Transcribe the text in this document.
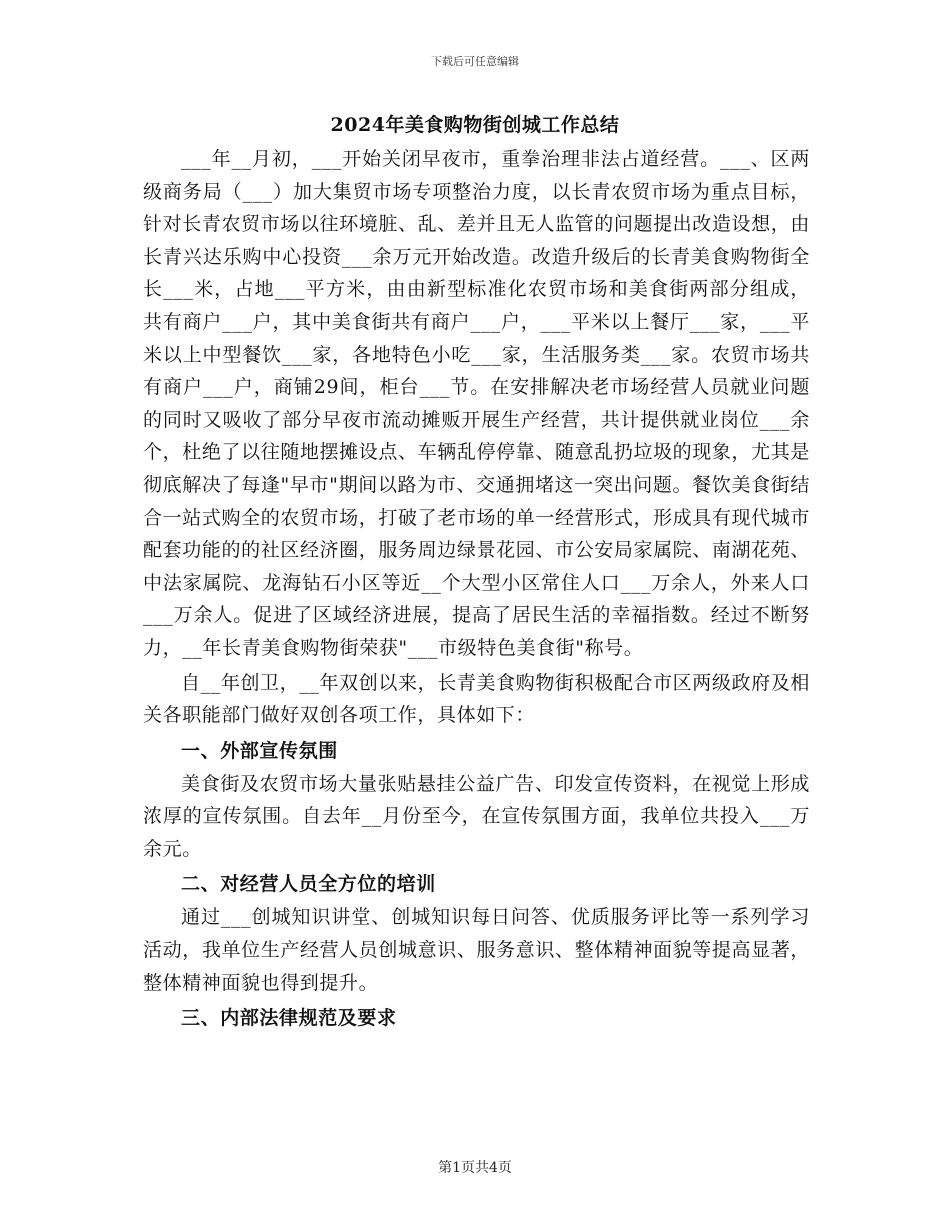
下载后可任意编辑
2024年美食购物街创城工作总结

___年__月初，___开始关闭早夜市，重拳治理非法占道经营。___、区两级商务局（___）加大集贸市场专项整治力度，以长青农贸市场为重点目标，针对长青农贸市场以往环境脏、乱、差并且无人监管的问题提出改造设想，由长青兴达乐购中心投资___余万元开始改造。改造升级后的长青美食购物街全长___米，占地___平方米，由由新型标准化农贸市场和美食街两部分组成，共有商户___户，其中美食街共有商户___户，___平米以上餐厅___家，___平米以上中型餐饮___家，各地特色小吃___家，生活服务类___家。农贸市场共有商户___户，商铺29间，柜台___节。在安排解决老市场经营人员就业问题的同时又吸收了部分早夜市流动摊贩开展生产经营，共计提供就业岗位___余个，杜绝了以往随地摆摊设点、车辆乱停停靠、随意乱扔垃圾的现象，尤其是彻底解决了每逢"早市"期间以路为市、交通拥堵这一突出问题。餐饮美食街结合一站式购全的农贸市场，打破了老市场的单一经营形式，形成具有现代城市配套功能的的社区经济圈，服务周边绿景花园、市公安局家属院、南湖花苑、中法家属院、龙海钻石小区等近__个大型小区常住人口___万余人，外来人口___万余人。促进了区域经济进展，提高了居民生活的幸福指数。经过不断努力，__年长青美食购物街荣获"___市级特色美食街"称号。

自__年创卫，__年双创以来，长青美食购物街积极配合市区两级政府及相关各职能部门做好双创各项工作，具体如下：

一、外部宣传氛围

美食街及农贸市场大量张贴悬挂公益广告、印发宣传资料，在视觉上形成浓厚的宣传氛围。自去年__月份至今，在宣传氛围方面，我单位共投入___万余元。

二、对经营人员全方位的培训

通过___创城知识讲堂、创城知识每日问答、优质服务评比等一系列学习活动，我单位生产经营人员创城意识、服务意识、整体精神面貌等提高显著，整体精神面貌也得到提升。

三、内部法律规范及要求
第1页共4页
